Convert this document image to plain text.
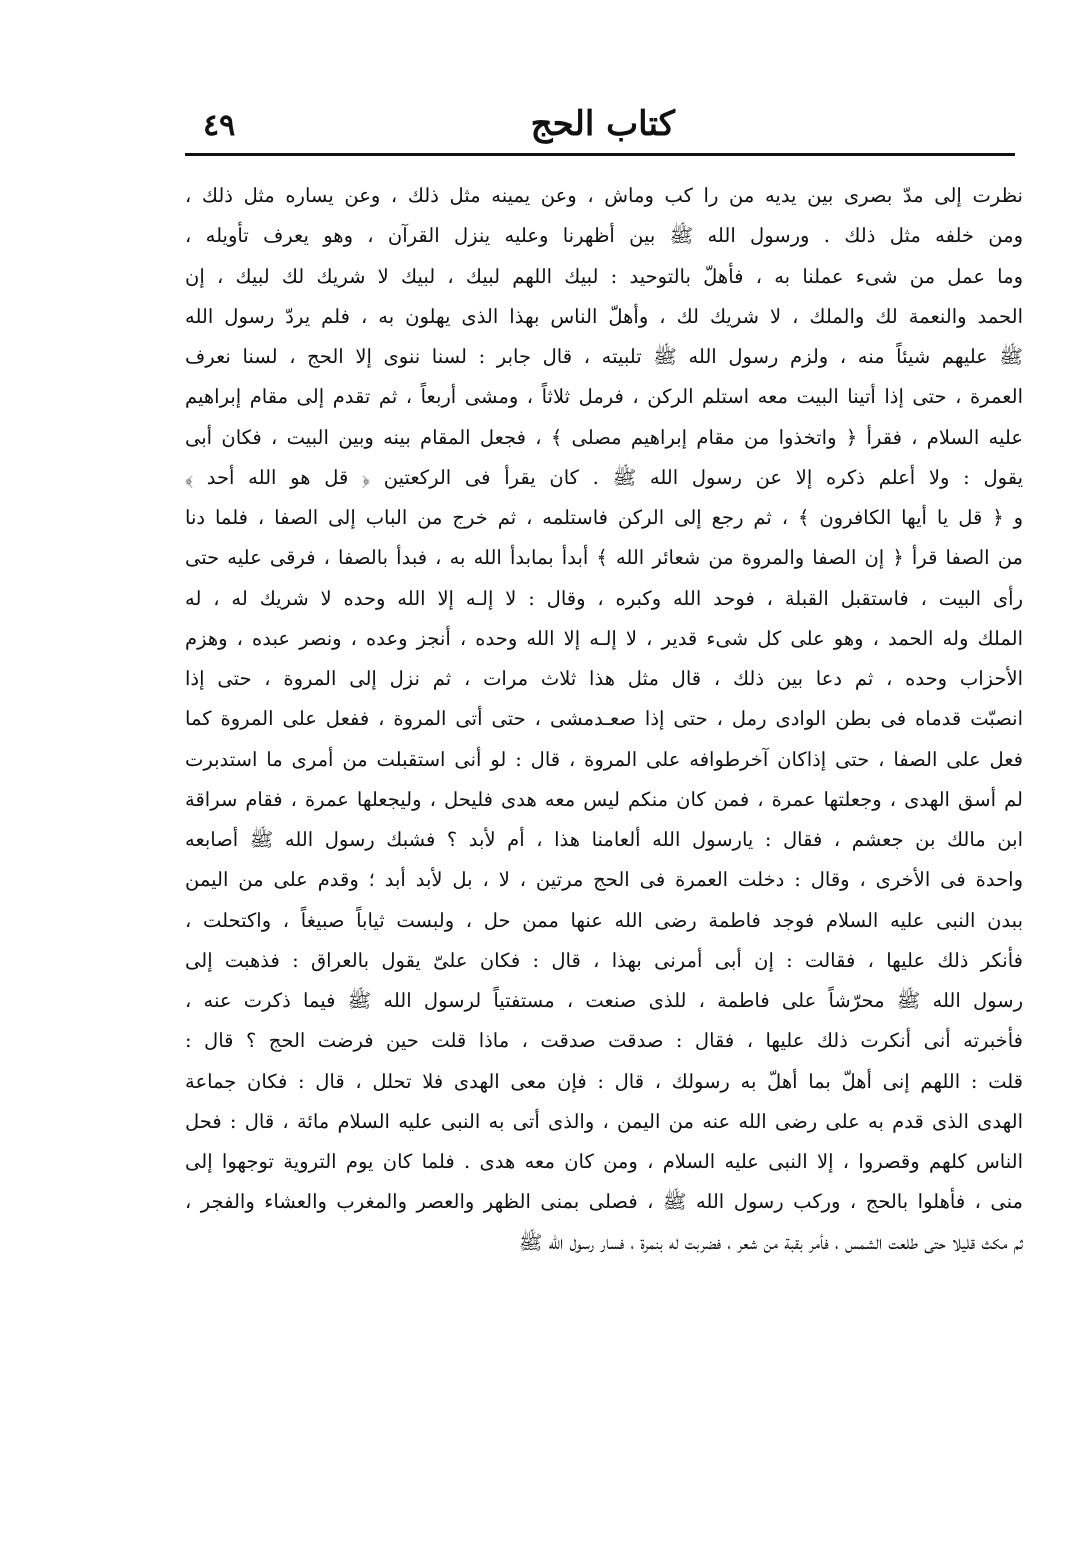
كتاب الحج
٤٩
نظرت إلى مدّ بصرى بين يديه من را كب وماش ، وعن يمينه مثل ذلك ، وعن يساره مثل ذلك ،
ومن خلفه مثل ذلك . ورسول الله ﷺ بين أظهرنا وعليه ينزل القرآن ، وهو يعرف تأويله ،
وما عمل من شىء عملنا به ، فأهلّ بالتوحيد : لبيك اللهم لبيك ، لبيك لا شريك لك لبيك ، إن
الحمد والنعمة لك والملك ، لا شريك لك ، وأهلّ الناس بهذا الذى يهلون به ، فلم يردّ رسول الله
ﷺ عليهم شيئاً منه ، ولزم رسول الله ﷺ تلبيته ، قال جابر : لسنا ننوى إلا الحج ، لسنا نعرف
العمرة ، حتى إذا أتينا البيت معه استلم الركن ، فرمل ثلاثاً ، ومشى أربعاً ، ثم تقدم إلى مقام إبراهيم
عليه السلام ، فقرأ ﴿ واتخذوا من مقام إبراهيم مصلى ﴾ ، فجعل المقام بينه وبين البيت ، فكان أبى
يقول : ولا أعلم ذكره إلا عن رسول الله ﷺ . كان يقرأ فى الركعتين ﴿ قل هو الله أحد ﴾
و ﴿ قل يا أيها الكافرون ﴾ ، ثم رجع إلى الركن فاستلمه ، ثم خرج من الباب إلى الصفا ، فلما دنا
من الصفا قرأ ﴿ إن الصفا والمروة من شعائر الله ﴾ أبدأ بمابدأ الله به ، فبدأ بالصفا ، فرقى عليه حتى
رأى البيت ، فاستقبل القبلة ، فوحد الله وكبره ، وقال : لا إلـه إلا الله وحده لا شريك له ، له
الملك وله الحمد ، وهو على كل شىء قدير ، لا إلـه إلا الله وحده ، أنجز وعده ، ونصر عبده ، وهزم
الأحزاب وحده ، ثم دعا بين ذلك ، قال مثل هذا ثلاث مرات ، ثم نزل إلى المروة ، حتى إذا
انصبّت قدماه فى بطن الوادى رمل ، حتى إذا صعـدمشى ، حتى أتى المروة ، ففعل على المروة كما
فعل على الصفا ، حتى إذاكان آخرطوافه على المروة ، قال : لو أنى استقبلت من أمرى ما استدبرت
لم أسق الهدى ، وجعلتها عمرة ، فمن كان منكم ليس معه هدى فليحل ، وليجعلها عمرة ، فقام سراقة
ابن مالك بن جعشم ، فقال : يارسول الله ألعامنا هذا ، أم لأبد ؟ فشبك رسول الله ﷺ أصابعه
واحدة فى الأخرى ، وقال : دخلت العمرة فى الحج مرتين ، لا ، بل لأبد أبد ؛ وقدم على من اليمن
ببدن النبى عليه السلام فوجد فاطمة رضى الله عنها ممن حل ، ولبست ثياباً صبيغاً ، واكتحلت ،
فأنكر ذلك عليها ، فقالت : إن أبى أمرنى بهذا ، قال : فكان علىّ يقول بالعراق : فذهبت إلى
رسول الله ﷺ محرّشاً على فاطمة ، للذى صنعت ، مستفتياً لرسول الله ﷺ فيما ذكرت عنه ،
فأخبرته أنى أنكرت ذلك عليها ، فقال : صدقت صدقت ، ماذا قلت حين فرضت الحج ؟ قال :
قلت : اللهم إنى أهلّ بما أهلّ به رسولك ، قال : فإن معى الهدى فلا تحلل ، قال : فكان جماعة
الهدى الذى قدم به على رضى الله عنه من اليمن ، والذى أتى به النبى عليه السلام مائة ، قال : فحل
الناس كلهم وقصروا ، إلا النبى عليه السلام ، ومن كان معه هدى . فلما كان يوم التروية توجهوا إلى
منى ، فأهلوا بالحج ، وركب رسول الله ﷺ ، فصلى بمنى الظهر والعصر والمغرب والعشاء والفجر ،
ثم مكث قليلا حتى طلعت الشمس ، فأمر بقبة من شعر ، فضربت له بنمرة ، فسار رسول الله ﷺ
